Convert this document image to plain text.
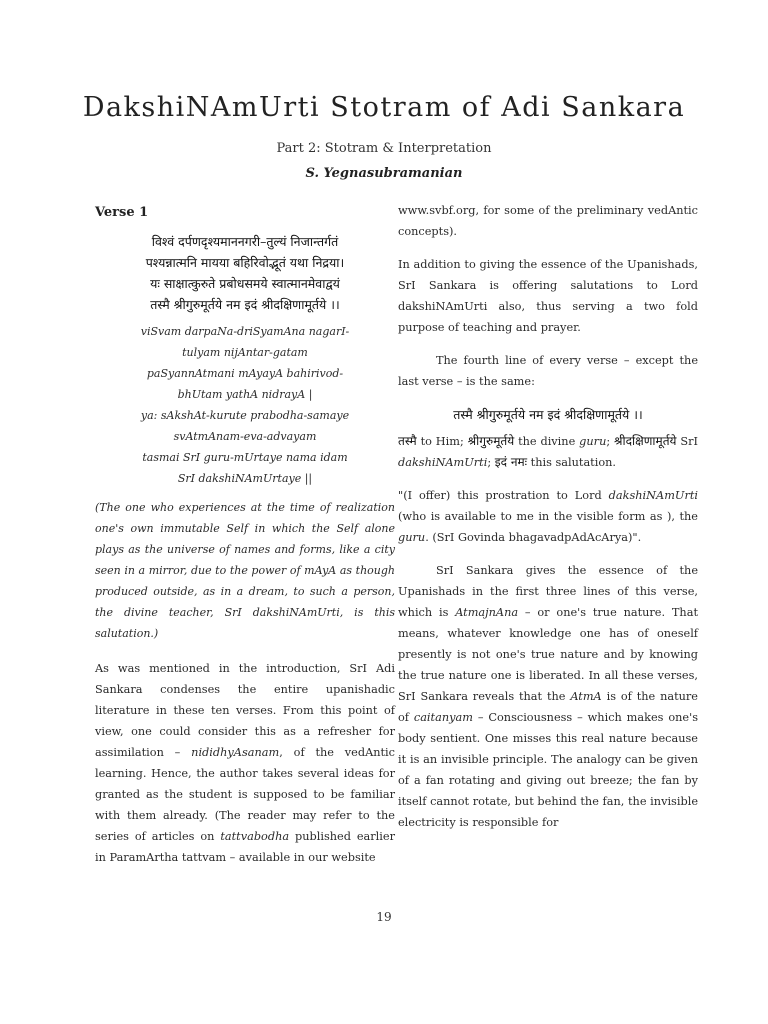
DakshiNAmUrti Stotram of Adi Sankara
Part 2: Stotram & Interpretation
S. Yegnasubramanian
Verse 1
विश्वं दर्पणदृश्यमाननगरी–तुल्यं निजान्तर्गतं
पश्यन्नात्मनि मायया बहिरिवोद्भूतं यथा निद्रया।
यः साक्षात्कुरुते प्रबोधसमये स्वात्मानमेवाद्वयं
तस्मै श्रीगुरुमूर्तये नम इदं श्रीदक्षिणामूर्तये ।।
viSvam darpaNa-driSyamAna nagarI-
tulyam nijAntar-gatam
paSyannAtmani mAyayA bahirivod-
bhUtam yathA nidrayA |
ya: sAkshAt-kurute prabodha-samaye
svAtmAnam-eva-advayam
tasmai SrI guru-mUrtaye nama idam
SrI dakshiNAmUrtaye ||
(The one who experiences at the time of realization one's own immutable Self in which the Self alone plays as the universe of names and forms, like a city seen in a mirror, due to the power of mAyA as though produced outside, as in a dream, to such a person, the divine teacher, SrI dakshiNAmUrti, is this salutation.)

As was mentioned in the introduction, SrI Adi Sankara condenses the entire upanishadic literature in these ten verses. From this point of view, one could consider this as a refresher for assimilation – nididhyAsanam, of the vedAntic learning. Hence, the author takes several ideas for granted as the student is supposed to be familiar with them already. (The reader may refer to the series of articles on tattvabodha published earlier in ParamArtha tattvam – available in our website

www.svbf.org, for some of the preliminary vedAntic concepts).

In addition to giving the essence of the Upanishads, SrI Sankara is offering salutations to Lord dakshiNAmUrti also, thus serving a two fold purpose of teaching and prayer.

The fourth line of every verse – except the last verse – is the same:

तस्मै श्रीगुरुमूर्तये नम इदं श्रीदक्षिणामूर्तये ।।

तस्मै to Him; श्रीगुरुमूर्तये the divine guru; श्रीदक्षिणामूर्तये SrI dakshiNAmUrti; इदं नमः this salutation.

"(I offer) this prostration to Lord dakshiNAmUrti (who is available to me in the visible form as ), the guru. (SrI Govinda bhagavadpAdAcArya)".

SrI Sankara gives the essence of the Upanishads in the first three lines of this verse, which is AtmajnAna – or one's true nature. That means, whatever knowledge one has of oneself presently is not one's true nature and by knowing the true nature one is liberated. In all these verses, SrI Sankara reveals that the AtmA is of the nature of caitanyam – Consciousness – which makes one's body sentient. One misses this real nature because it is an invisible principle. The analogy can be given of a fan rotating and giving out breeze; the fan by itself cannot rotate, but behind the fan, the invisible electricity is responsible for

19
